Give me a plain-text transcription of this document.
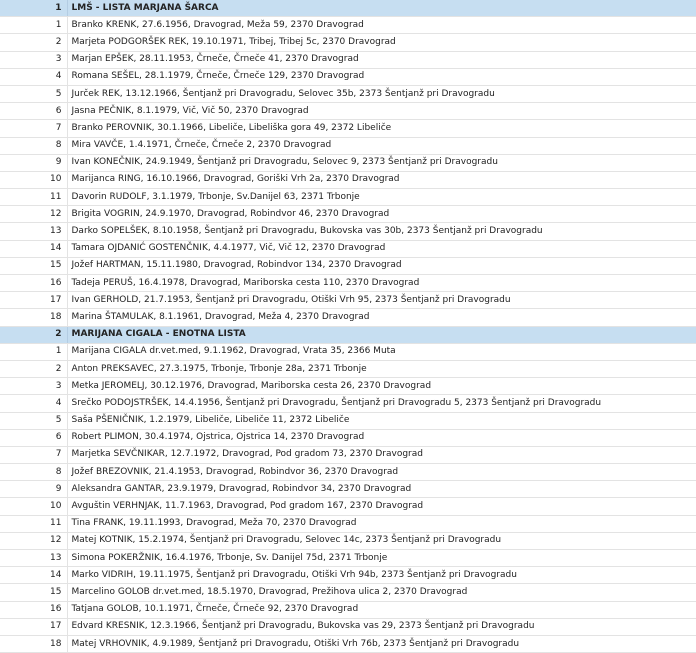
1	LMŠ - LISTA MARJANA ŠARCA
1	Branko KRENK, 27.6.1956, Dravograd, Meža 59, 2370 Dravograd
2	Marjeta PODGORŠEK REK, 19.10.1971, Tribej, Tribej 5c, 2370 Dravograd
3	Marjan EPŠEK, 28.11.1953, Črneče, Črneče 41, 2370 Dravograd
4	Romana SEŠEL, 28.1.1979, Črneče, Črneče 129, 2370 Dravograd
5	Jurček REK, 13.12.1966, Šentjanž pri Dravogradu, Selovec 35b, 2373 Šentjanž pri Dravogradu
6	Jasna PEČNIK, 8.1.1979, Vič, Vič 50, 2370 Dravograd
7	Branko PEROVNIK, 30.1.1966, Libeliče, Libeliška gora 49, 2372 Libeliče
8	Mira VAVČE, 1.4.1971, Črneče, Črneče 2, 2370 Dravograd
9	Ivan KONEČNIK, 24.9.1949, Šentjanž pri Dravogradu, Selovec 9, 2373 Šentjanž pri Dravogradu
10	Marijanca RING, 16.10.1966, Dravograd, Goriški Vrh 2a, 2370 Dravograd
11	Davorin RUDOLF, 3.1.1979, Trbonje, Sv.Danijel 63, 2371 Trbonje
12	Brigita VOGRIN, 24.9.1970, Dravograd, Robindvor 46, 2370 Dravograd
13	Darko SOPELŠEK, 8.10.1958, Šentjanž pri Dravogradu, Bukovska vas 30b, 2373 Šentjanž pri Dravogradu
14	Tamara OJDANIĆ GOSTENČNIK, 4.4.1977, Vič, Vič 12, 2370 Dravograd
15	Jožef HARTMAN, 15.11.1980, Dravograd, Robindvor 134, 2370 Dravograd
16	Tadeja PERUŠ, 16.4.1978, Dravograd, Mariborska cesta 110, 2370 Dravograd
17	Ivan GERHOLD, 21.7.1953, Šentjanž pri Dravogradu, Otiški Vrh 95, 2373 Šentjanž pri Dravogradu
18	Marina ŠTAMULAK, 8.1.1961, Dravograd, Meža 4, 2370 Dravograd
2	MARIJANA CIGALA - ENOTNA LISTA
1	Marijana CIGALA dr.vet.med, 9.1.1962, Dravograd, Vrata 35, 2366 Muta
2	Anton PREKSAVEC, 27.3.1975, Trbonje, Trbonje 28a, 2371 Trbonje
3	Metka JEROMELJ, 30.12.1976, Dravograd, Mariborska cesta 26, 2370 Dravograd
4	Srečko PODOJSTRŠEK, 14.4.1956, Šentjanž pri Dravogradu, Šentjanž pri Dravogradu 5, 2373 Šentjanž pri Dravogradu
5	Saša PŠENIČNIK, 1.2.1979, Libeliče, Libeliče 11, 2372 Libeliče
6	Robert PLIMON, 30.4.1974, Ojstrica, Ojstrica 14, 2370 Dravograd
7	Marjetka SEVČNIKAR, 12.7.1972, Dravograd, Pod gradom 73, 2370 Dravograd
8	Jožef BREZOVNIK, 21.4.1953, Dravograd, Robindvor 36, 2370 Dravograd
9	Aleksandra GANTAR, 23.9.1979, Dravograd, Robindvor 34, 2370 Dravograd
10	Avguštin VERHNJAK, 11.7.1963, Dravograd, Pod gradom 167, 2370 Dravograd
11	Tina FRANK, 19.11.1993, Dravograd, Meža 70, 2370 Dravograd
12	Matej KOTNIK, 15.2.1974, Šentjanž pri Dravogradu, Selovec 14c, 2373 Šentjanž pri Dravogradu
13	Simona POKERŽNIK, 16.4.1976, Trbonje, Sv. Danijel 75d, 2371 Trbonje
14	Marko VIDRIH, 19.11.1975, Šentjanž pri Dravogradu, Otiški Vrh 94b, 2373 Šentjanž pri Dravogradu
15	Marcelino GOLOB dr.vet.med, 18.5.1970, Dravograd, Prežihova ulica 2, 2370 Dravograd
16	Tatjana GOLOB, 10.1.1971, Črneče, Črneče 92, 2370 Dravograd
17	Edvard KRESNIK, 12.3.1966, Šentjanž pri Dravogradu, Bukovska vas 29, 2373 Šentjanž pri Dravogradu
18	Matej VRHOVNIK, 4.9.1989, Šentjanž pri Dravogradu, Otiški Vrh 76b, 2373 Šentjanž pri Dravogradu
